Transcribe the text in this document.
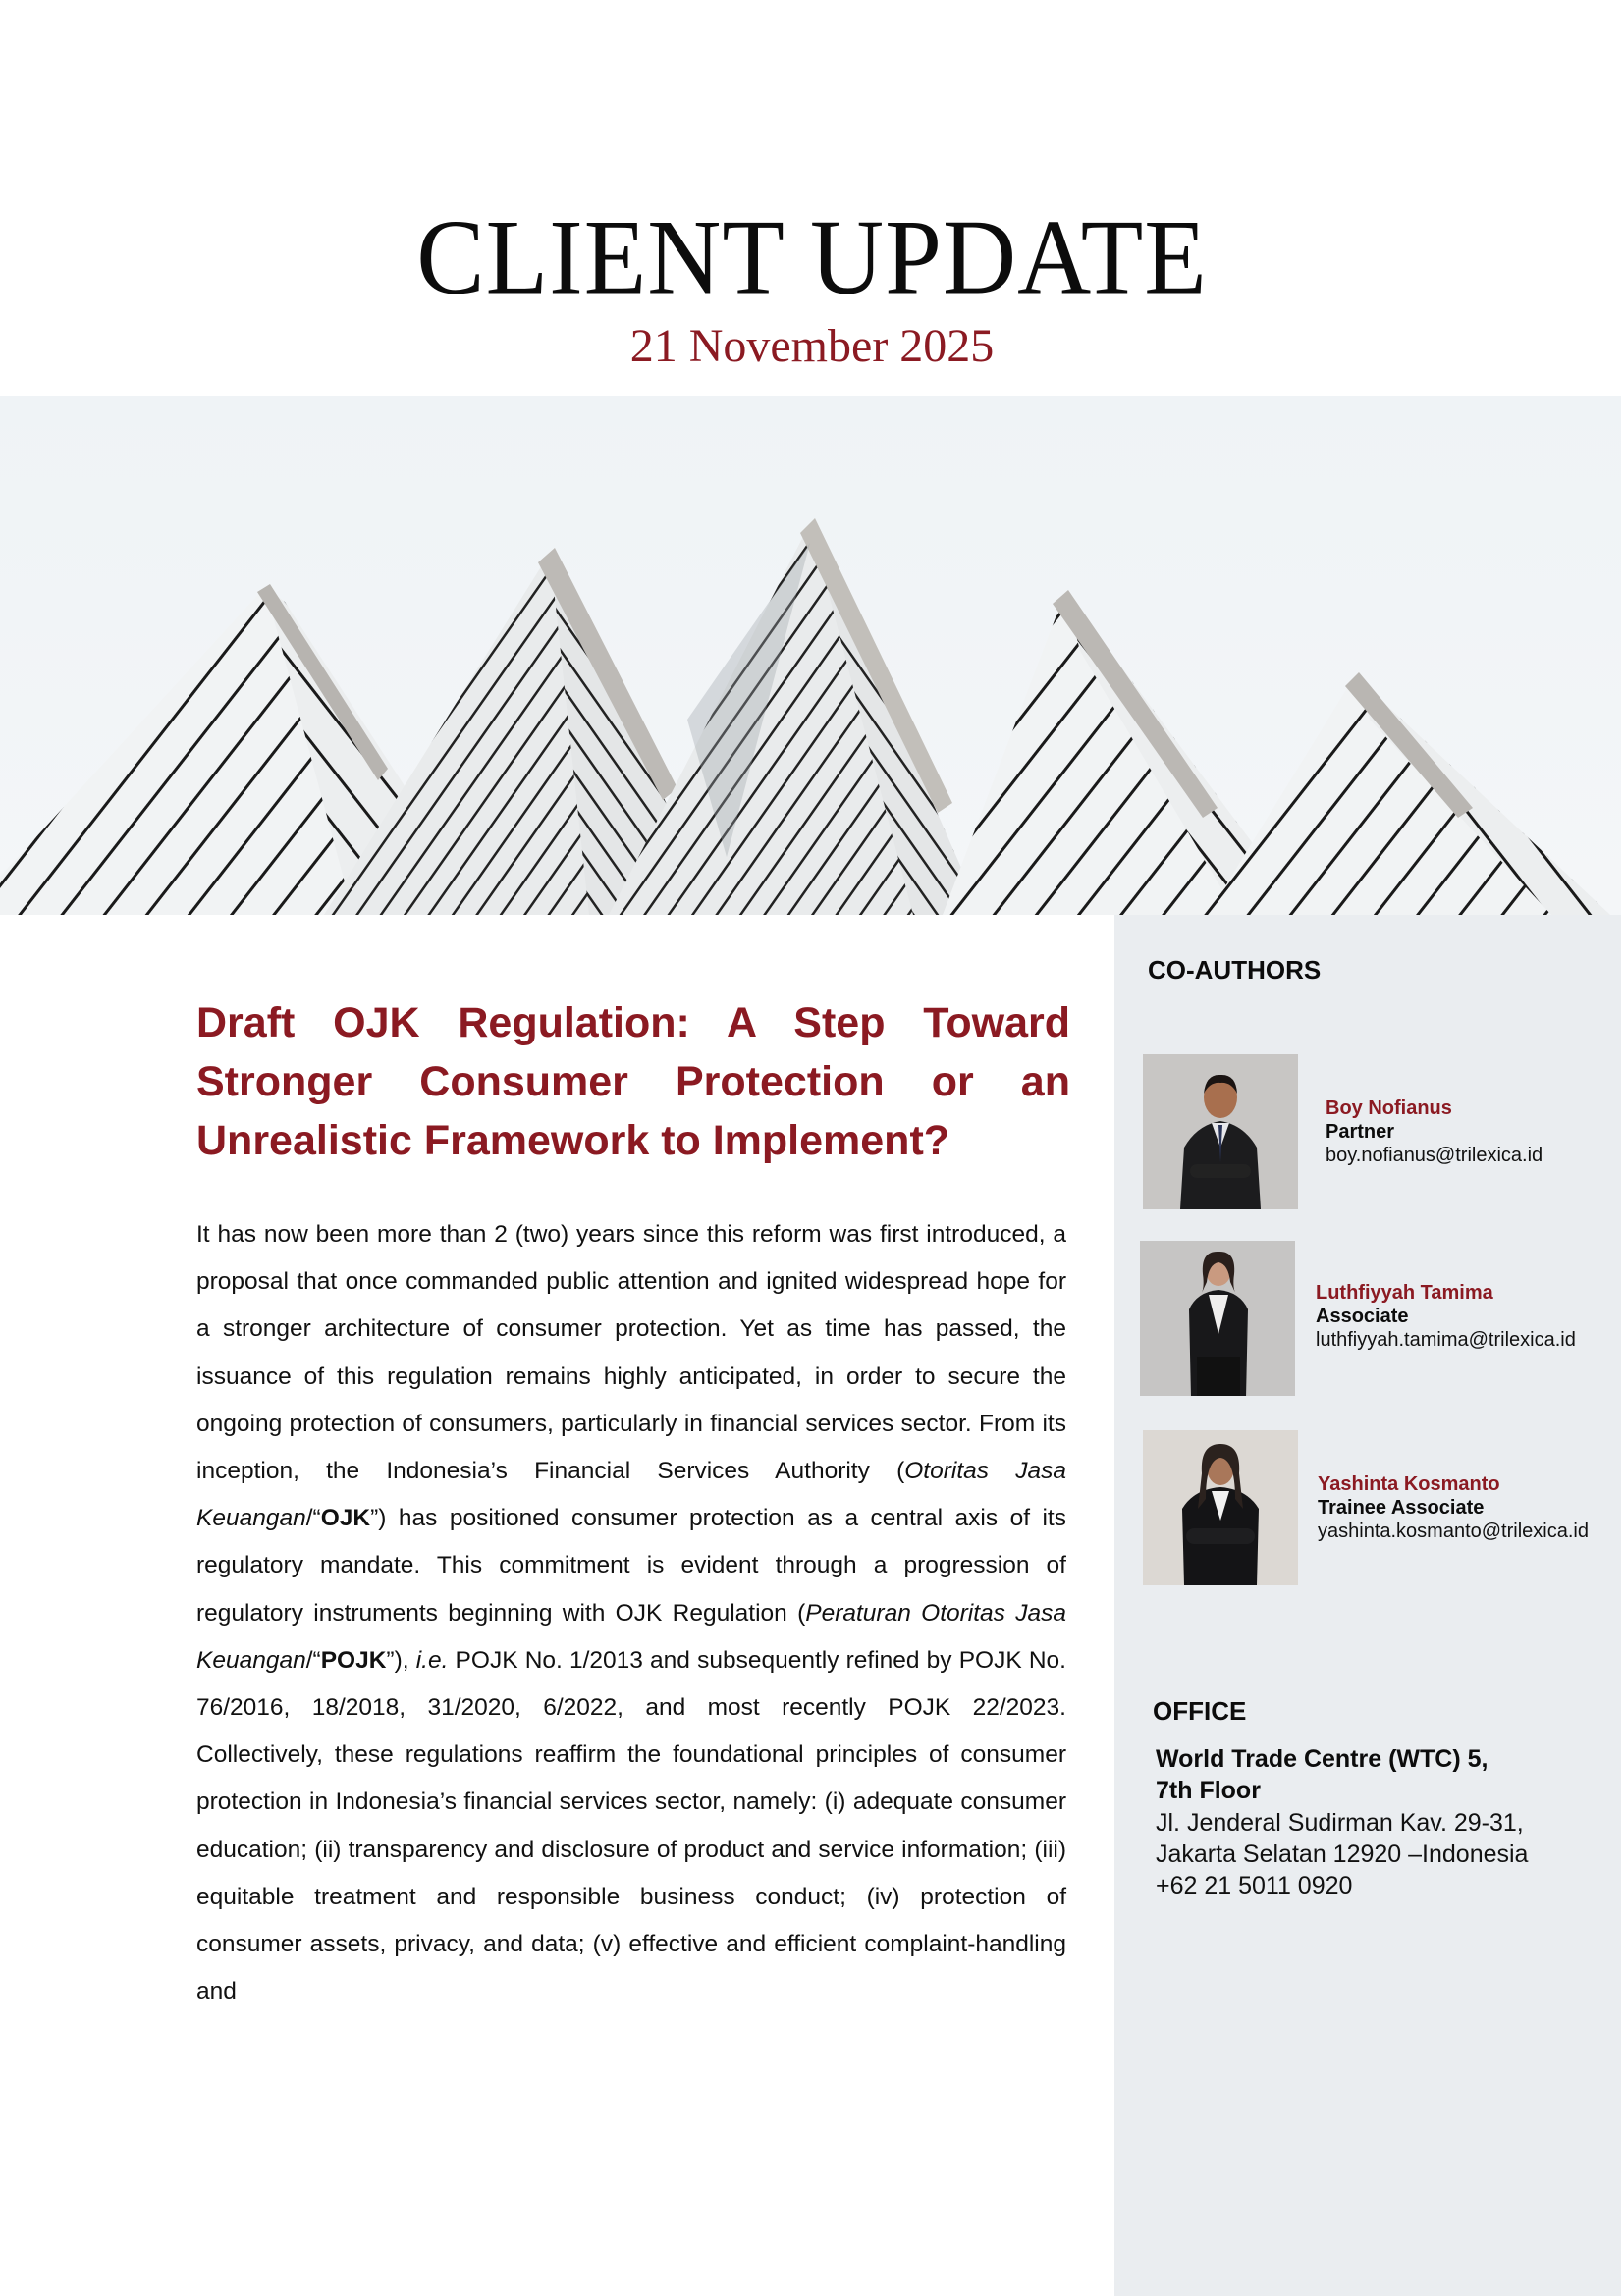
CLIENT UPDATE
21 November 2025
Draft OJK Regulation: A Step Toward Stronger Consumer Protection or an Unrealistic Framework to Implement?
It has now been more than 2 (two) years since this reform was first introduced, a proposal that once commanded public attention and ignited widespread hope for a stronger architecture of consumer protection. Yet as time has passed, the issuance of this regulation remains highly anticipated, in order to secure the ongoing protection of consumers, particularly in financial services sector. From its inception, the Indonesia’s Financial Services Authority (Otoritas Jasa Keuangan/“OJK”) has positioned consumer protection as a central axis of its regulatory mandate. This commitment is evident through a progression of regulatory instruments beginning with OJK Regulation (Peraturan Otoritas Jasa Keuangan/“POJK”), i.e. POJK No. 1/2013 and subsequently refined by POJK No. 76/2016, 18/2018, 31/2020, 6/2022, and most recently POJK 22/2023. Collectively, these regulations reaffirm the foundational principles of consumer protection in Indonesia’s financial services sector, namely: (i) adequate consumer education; (ii) transparency and disclosure of product and service information; (iii) equitable treatment and responsible business conduct; (iv) protection of consumer assets, privacy, and data; (v) effective and efficient complaint-handling and
CO-AUTHORS
Boy Nofianus
Partner
boy.nofianus@trilexica.id
Luthfiyyah Tamima
Associate
luthfiyyah.tamima@trilexica.id
Yashinta Kosmanto
Trainee Associate
yashinta.kosmanto@trilexica.id
OFFICE
World Trade Centre (WTC) 5,
7th Floor
Jl. Jenderal Sudirman Kav. 29-31,
Jakarta Selatan 12920 –Indonesia
+62 21 5011 0920
